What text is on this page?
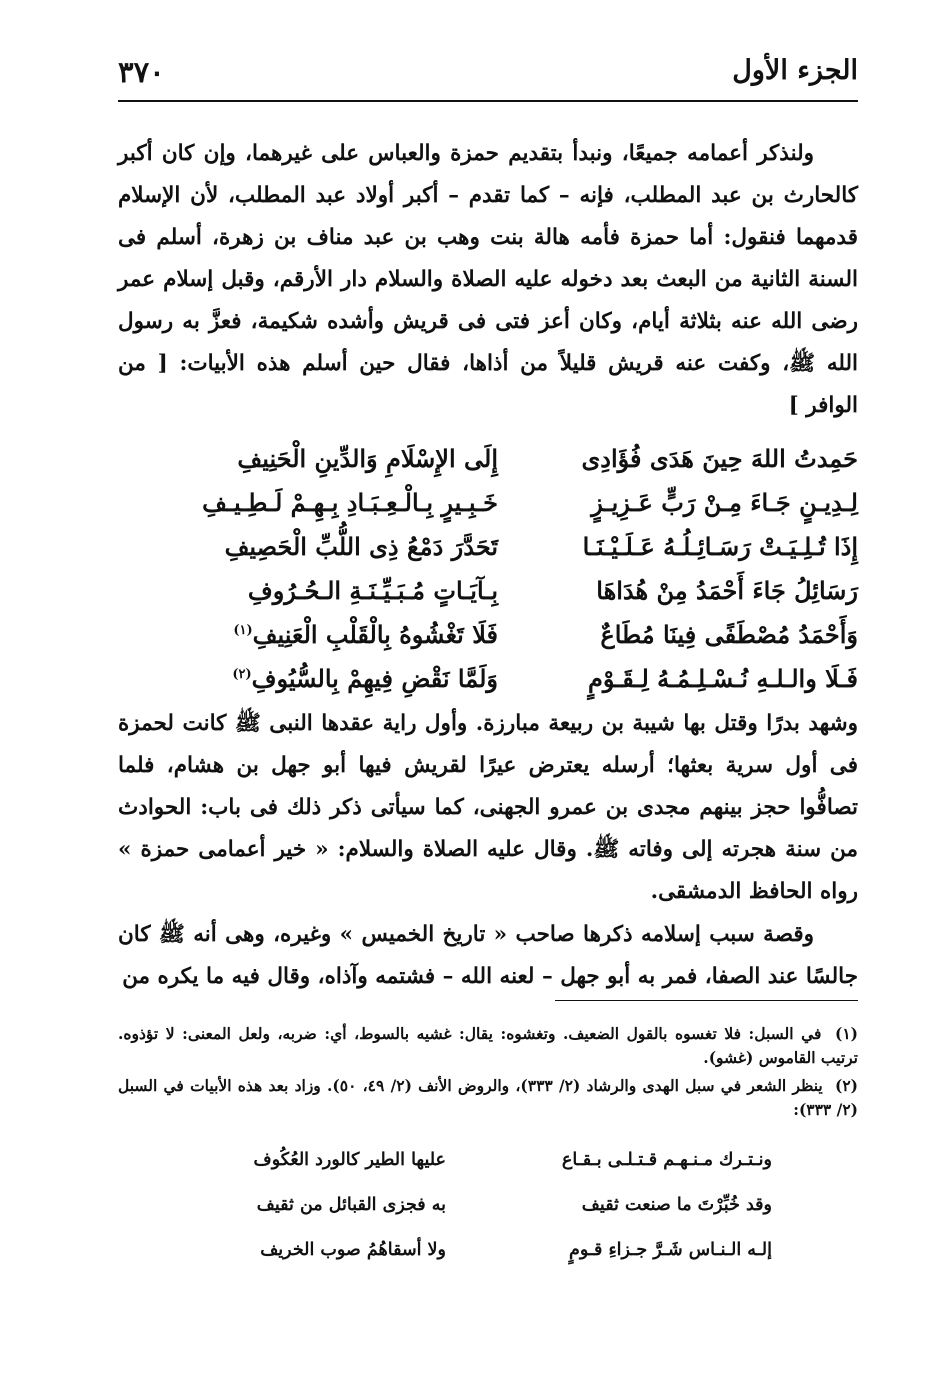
الجزء الأول
٣٧٠

ولنذكر أعمامه جميعًا، ونبدأ بتقديم حمزة والعباس على غيرهما، وإن كان أكبر كالحارث بن عبد المطلب، فإنه – كما تقدم – أكبر أولاد عبد المطلب، لأن الإسلام قدمهما فنقول: أما حمزة فأمه هالة بنت وهب بن عبد مناف بن زهرة، أسلم فى السنة الثانية من البعث بعد دخوله عليه الصلاة والسلام دار الأرقم، وقبل إسلام عمر رضى الله عنه بثلاثة أيام، وكان أعز فتى فى قريش وأشده شكيمة، فعزَّ به رسول الله ﷺ، وكفت عنه قريش قليلاً من أذاها، فقال حين أسلم هذه الأبيات: [ من الوافر ]

حَمِدتُ اللهَ حِينَ هَدَى فُؤَادِى
إِلَى الإِسْلَامِ وَالدِّينِ الْحَنِيفِ
لِـدِيـنٍ جَـاءَ مِـنْ رَبٍّ عَـزِيـزٍ
خَـبِـيرٍ بِـالْـعِـبَـادِ بِـهِـمْ لَـطِـيـفِ
إِذَا تُـلِـيَـتْ رَسَـائِـلُـهُ عَـلَـيْـنَـا
تَحَدَّرَ دَمْعُ ذِى اللُّبِّ الْحَصِيفِ
رَسَائِلُ جَاءَ أَحْمَدُ مِنْ هُدَاهَا
بِـآيَـاتٍ مُـبَـيِّـنَـةِ الـحُـرُوفِ
وَأَحْمَدُ مُصْطَفًى فِينَا مُطَاعٌ
فَلَا تَغْشُوهُ بِالْقَلْبِ الْعَنِيفِ$^{(١)}$
فَـلَا والـلـهِ نُـسْـلِـمُـهُ لِـقَـوْمٍ
وَلَمَّا نَقْضِ فِيهِمْ بِالسُّيُوفِ$^{(٢)}$

وشهد بدرًا وقتل بها شيبة بن ربيعة مبارزة. وأول راية عقدها النبى ﷺ كانت لحمزة فى أول سرية بعثها؛ أرسله يعترض عيرًا لقريش فيها أبو جهل بن هشام، فلما تصافُّوا حجز بينهم مجدى بن عمرو الجهنى، كما سيأتى ذكر ذلك فى باب: الحوادث من سنة هجرته إلى وفاته ﷺ. وقال عليه الصلاة والسلام: « خير أعمامى حمزة » رواه الحافظ الدمشقى.

وقصة سبب إسلامه ذكرها صاحب « تاريخ الخميس » وغيره، وهى أنه ﷺ كان جالسًا عند الصفا، فمر به أبو جهل – لعنه الله – فشتمه وآذاه، وقال فيه ما يكره من

(١) في السبل: فلا تغسوه بالقول الضعيف. وتغشوه: يقال: غشيه بالسوط، أي: ضربه، ولعل المعنى: لا تؤذوه. ترتيب القاموس (غشو).

(٢) ينظر الشعر في سبل الهدى والرشاد (٢/ ٣٣٣)، والروض الأنف (٢/ ٤٩، ٥٠). وزاد بعد هذه الأبيات في السبل (٢/ ٣٣٣):

ونـتـرك مـنـهـم قـتـلـى بـقـاع
عليها الطير كالورد العُكُوف
وقد خُبِّرْتَ ما صنعت ثقيف
به فجزى القبائل من ثقيف
إلـه الـنـاس شَـرَّ جـزاءِ قـومٍ
ولا أسقاهُمُ صوب الخريف
